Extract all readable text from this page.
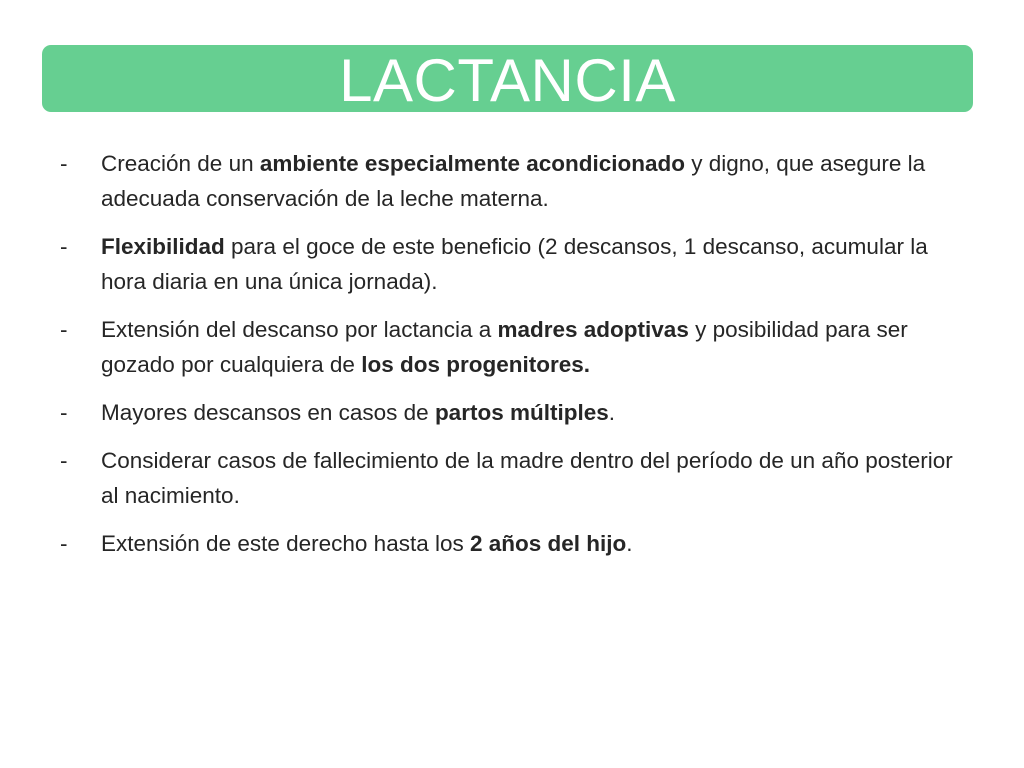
LACTANCIA
-	Creación de un ambiente especialmente acondicionado y digno, que asegure la adecuada conservación de la leche materna.
-	Flexibilidad para el goce de este beneficio (2 descansos, 1 descanso, acumular la hora diaria en una única jornada).
-	Extensión del descanso por lactancia a madres adoptivas y posibilidad para ser gozado por cualquiera de los dos progenitores.
-	Mayores descansos en casos de partos múltiples.
-	Considerar casos de fallecimiento de la madre dentro del período de un año posterior al nacimiento.
-	Extensión de este derecho hasta los 2 años del hijo.
